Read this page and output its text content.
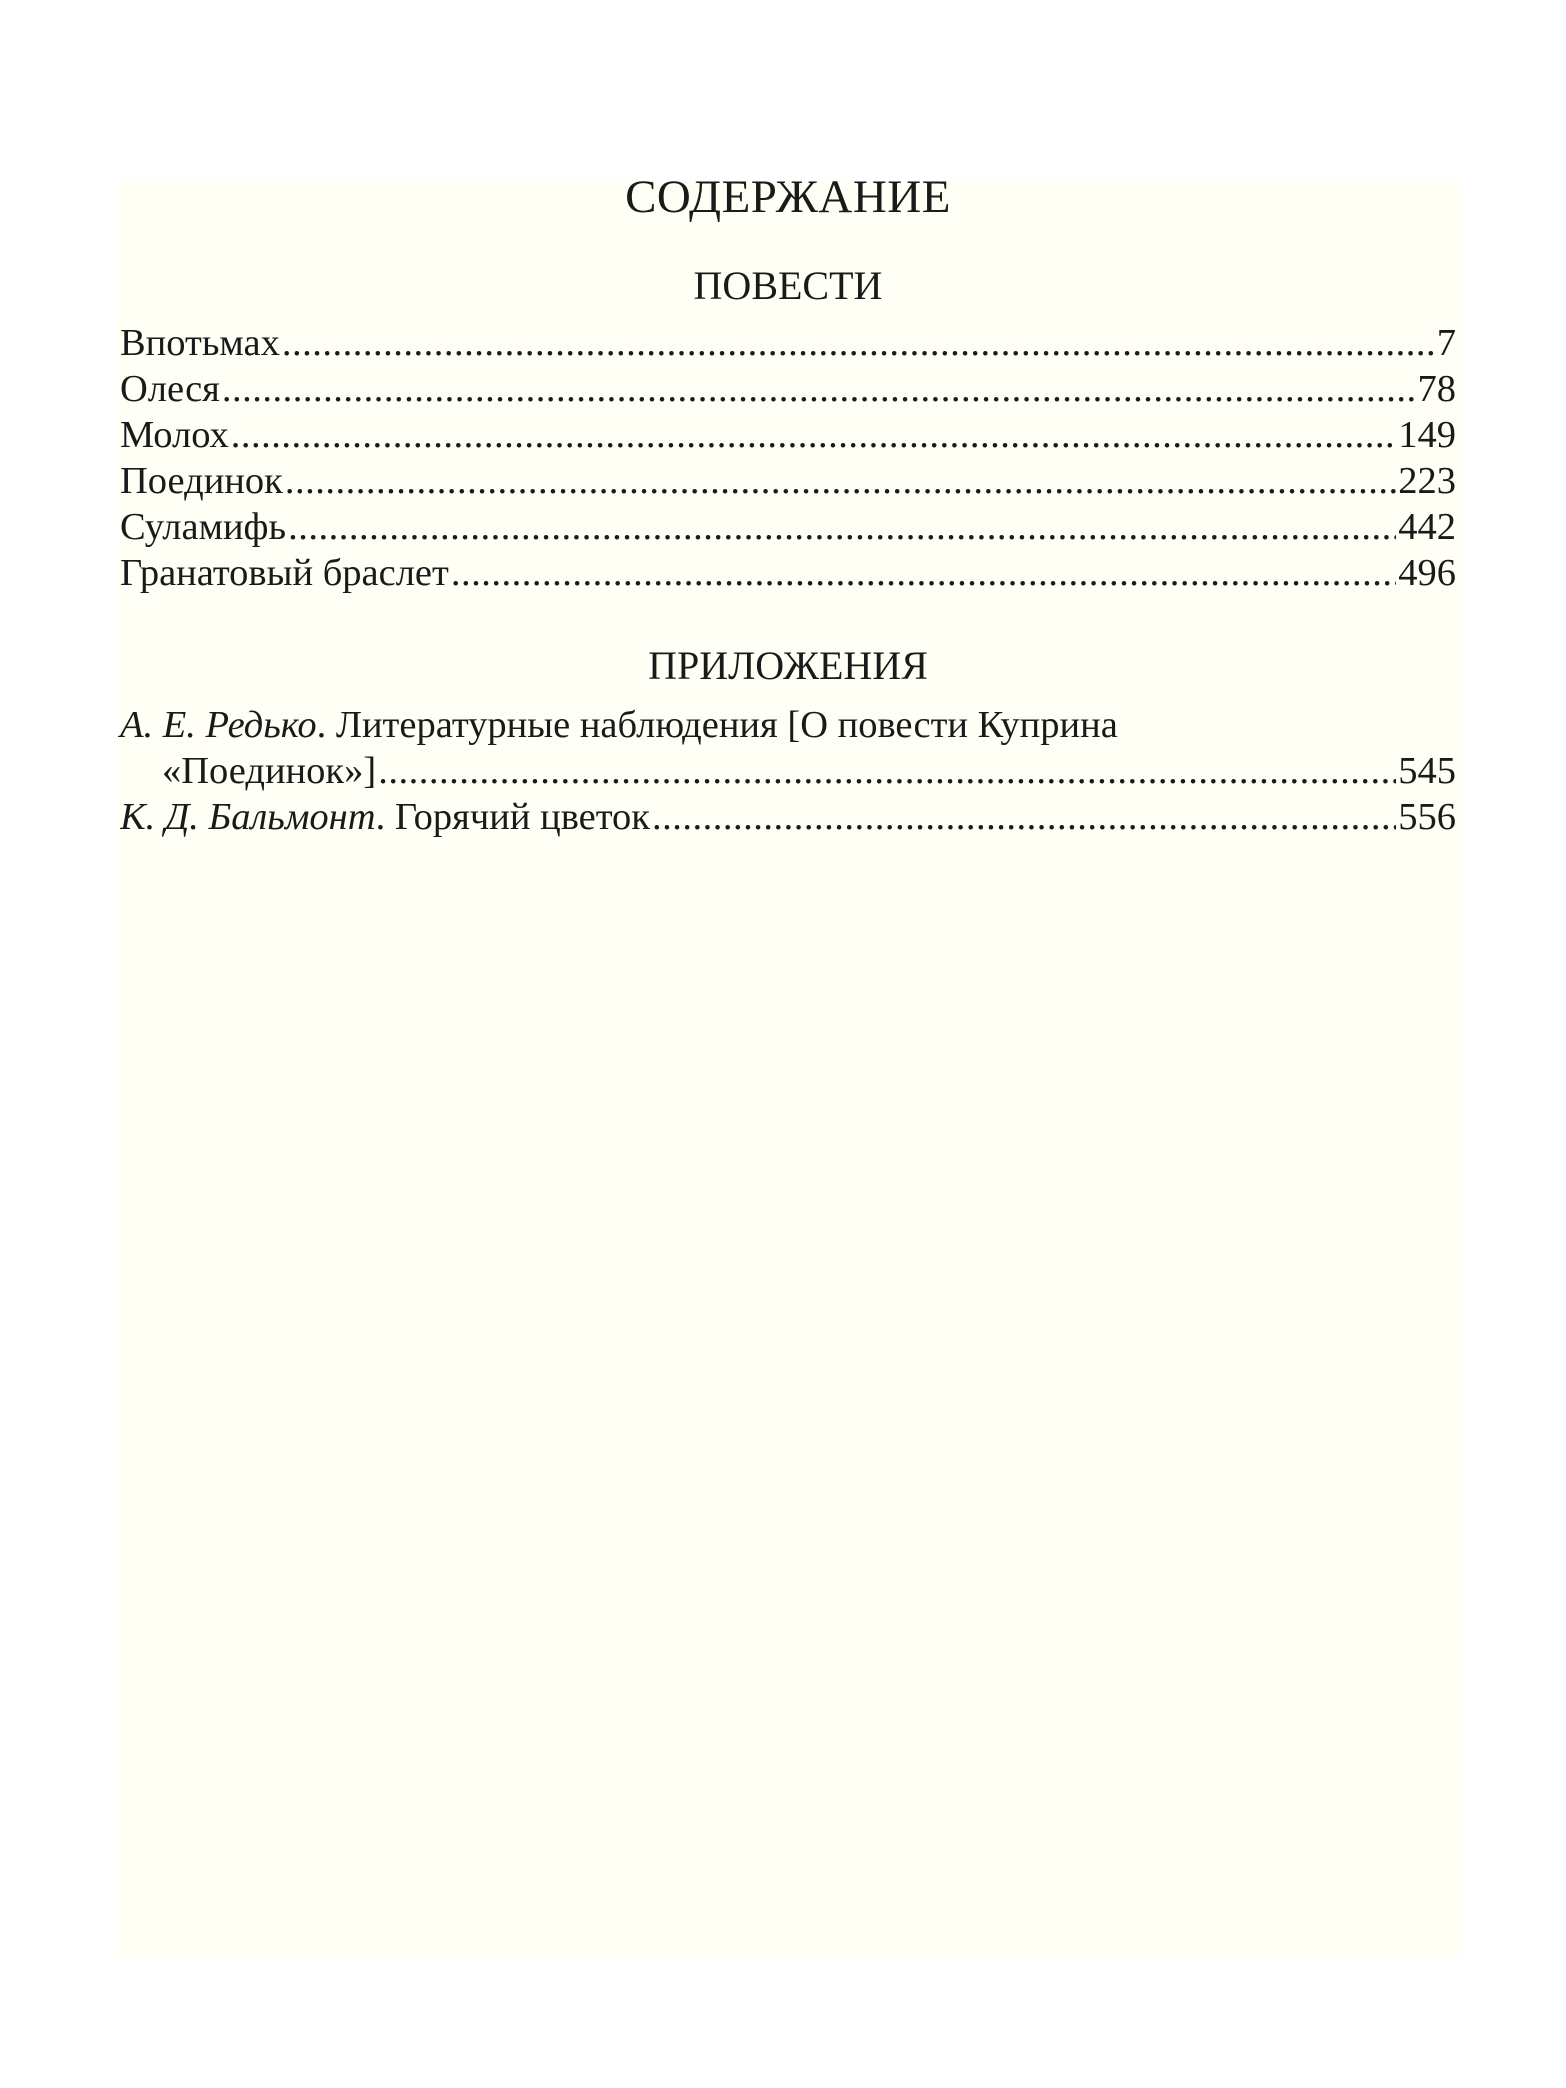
СОДЕРЖАНИЕ
ПОВЕСТИ
Впотьмах .....	7
Олеся .....	78
Молох .....	149
Поединок .....	223
Суламифь .....	442
Гранатовый браслет .....	496
ПРИЛОЖЕНИЯ
А. Е. Редько. Литературные наблюдения [О повести Куприна
«Поединок»] .....	545
К. Д. Бальмонт. Горячий цветок .....	556
